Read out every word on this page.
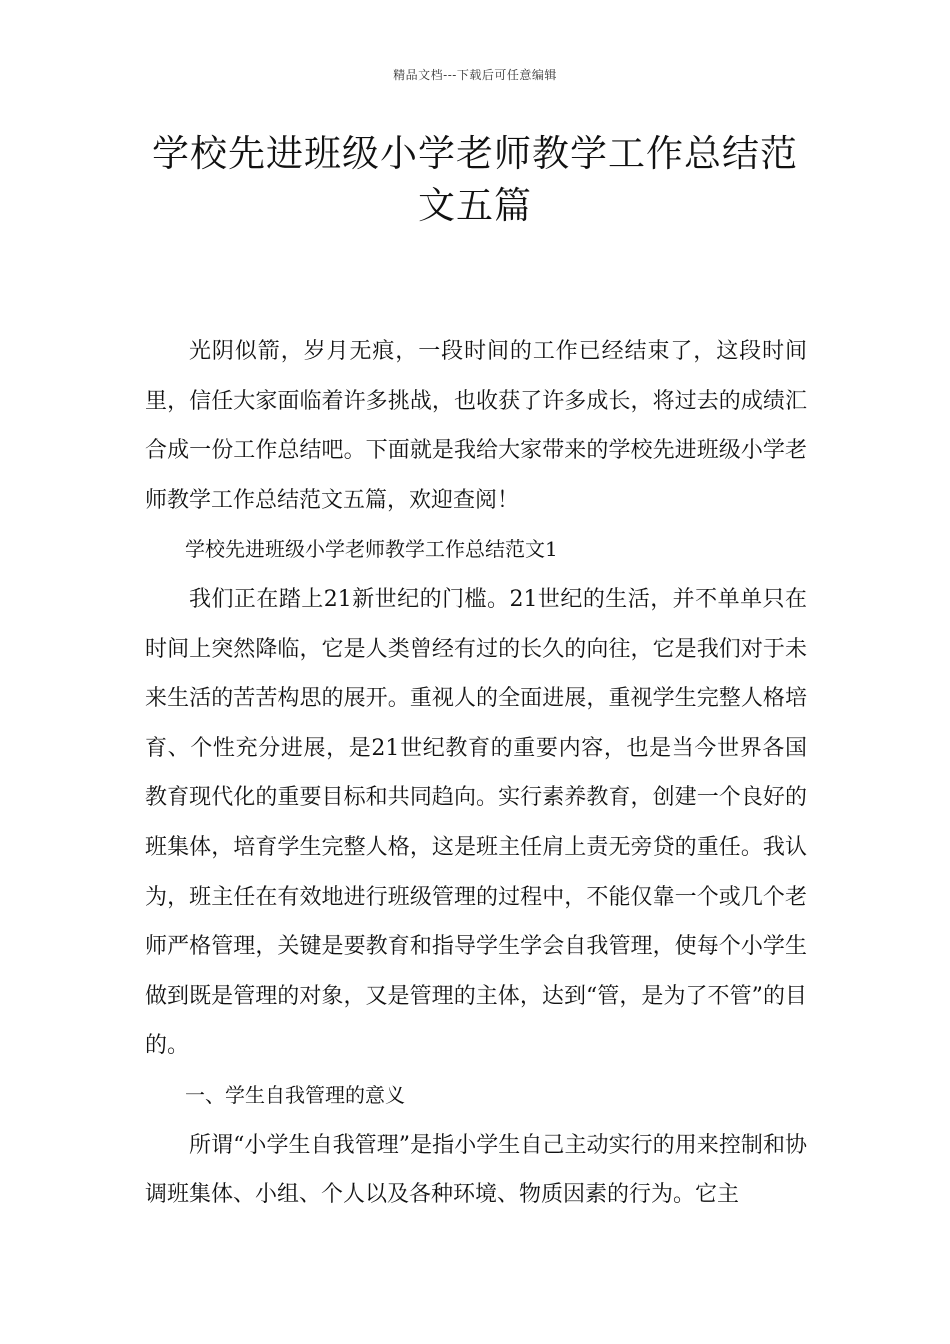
精品文档---下载后可任意编辑
学校先进班级小学老师教学工作总结范文五篇

光阴似箭，岁月无痕，一段时间的工作已经结束了，这段时间里，信任大家面临着许多挑战，也收获了许多成长，将过去的成绩汇合成一份工作总结吧。下面就是我给大家带来的学校先进班级小学老师教学工作总结范文五篇，欢迎查阅！

学校先进班级小学老师教学工作总结范文1

我们正在踏上21新世纪的门槛。21世纪的生活，并不单单只在时间上突然降临，它是人类曾经有过的长久的向往，它是我们对于未来生活的苦苦构思的展开。重视人的全面进展，重视学生完整人格培育、个性充分进展，是21世纪教育的重要内容，也是当今世界各国教育现代化的重要目标和共同趋向。实行素养教育，创建一个良好的班集体，培育学生完整人格，这是班主任肩上责无旁贷的重任。我认为，班主任在有效地进行班级管理的过程中，不能仅靠一个或几个老师严格管理，关键是要教育和指导学生学会自我管理，使每个小学生做到既是管理的对象，又是管理的主体，达到“管，是为了不管”的目的。

一、学生自我管理的意义

所谓“小学生自我管理”是指小学生自己主动实行的用来控制和协调班集体、小组、个人以及各种环境、物质因素的行为。它主
